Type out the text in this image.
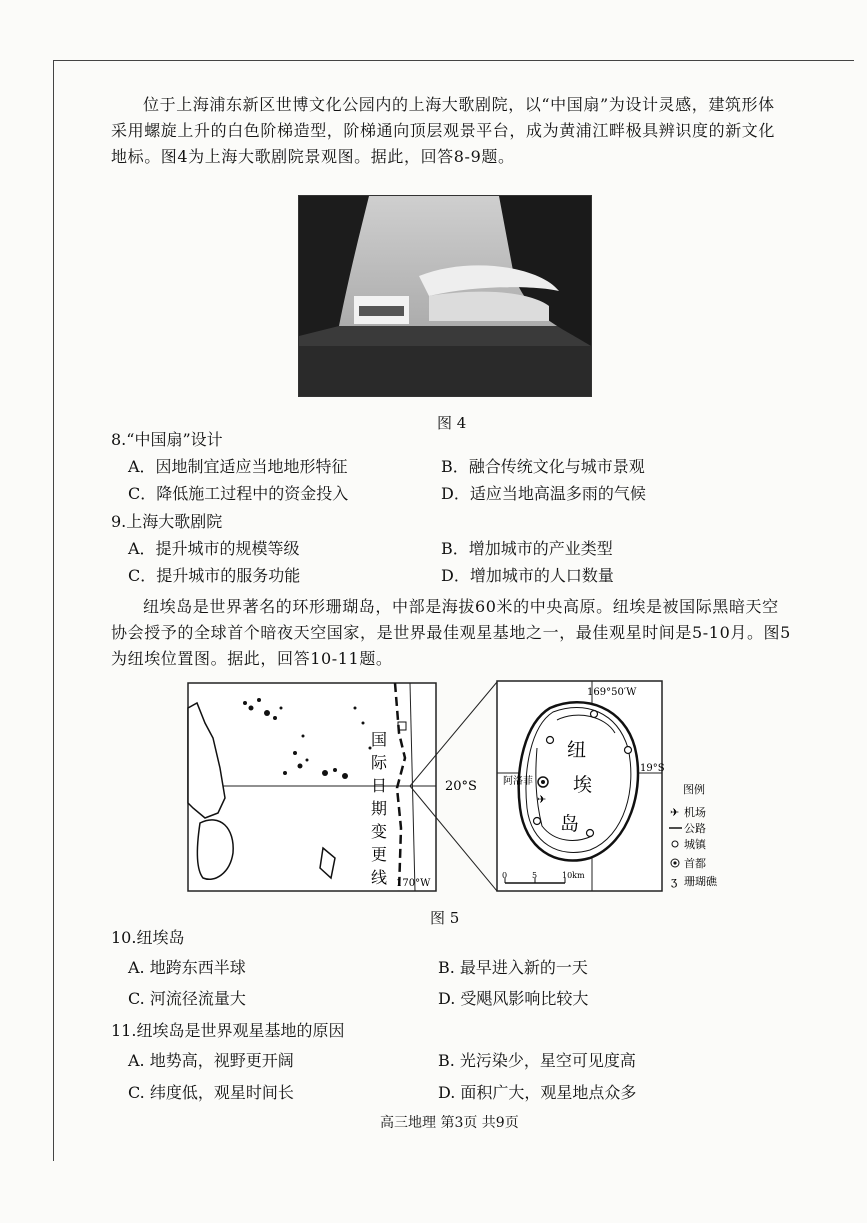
位于上海浦东新区世博文化公园内的上海大歌剧院，以“中国扇”为设计灵感，建筑形体采用螺旋上升的白色阶梯造型，阶梯通向顶层观景平台，成为黄浦江畔极具辨识度的新文化地标。图4为上海大歌剧院景观图。据此，回答8-9题。
图 4
8.“中国扇”设计
A．因地制宜适应当地地形特征	B．融合传统文化与城市景观
C．降低施工过程中的资金投入	D．适应当地高温多雨的气候
9.上海大歌剧院
A．提升城市的规模等级	B．增加城市的产业类型
C．提升城市的服务功能	D．增加城市的人口数量
纽埃岛是世界著名的环形珊瑚岛，中部是海拔60米的中央高原。纽埃是被国际黑暗天空协会授予的全球首个暗夜天空国家，是世界最佳观星基地之一，最佳观星时间是5-10月。图5为纽埃位置图。据此，回答10-11题。
国
际
日
期
变
更
线 170°W
20°S
✈
纽
埃
岛
阿洛菲
169°50′W
19°S
0	5	10km
图例
✈ 机场
公路
城镇
首都
ʒ 珊瑚礁
图 5
10.纽埃岛
A. 地跨东西半球	B. 最早进入新的一天
C. 河流径流量大	D. 受飓风影响比较大
11.纽埃岛是世界观星基地的原因
A. 地势高，视野更开阔	B. 光污染少，星空可见度高
C. 纬度低，观星时间长	D. 面积广大，观星地点众多
高三地理 第3页 共9页
